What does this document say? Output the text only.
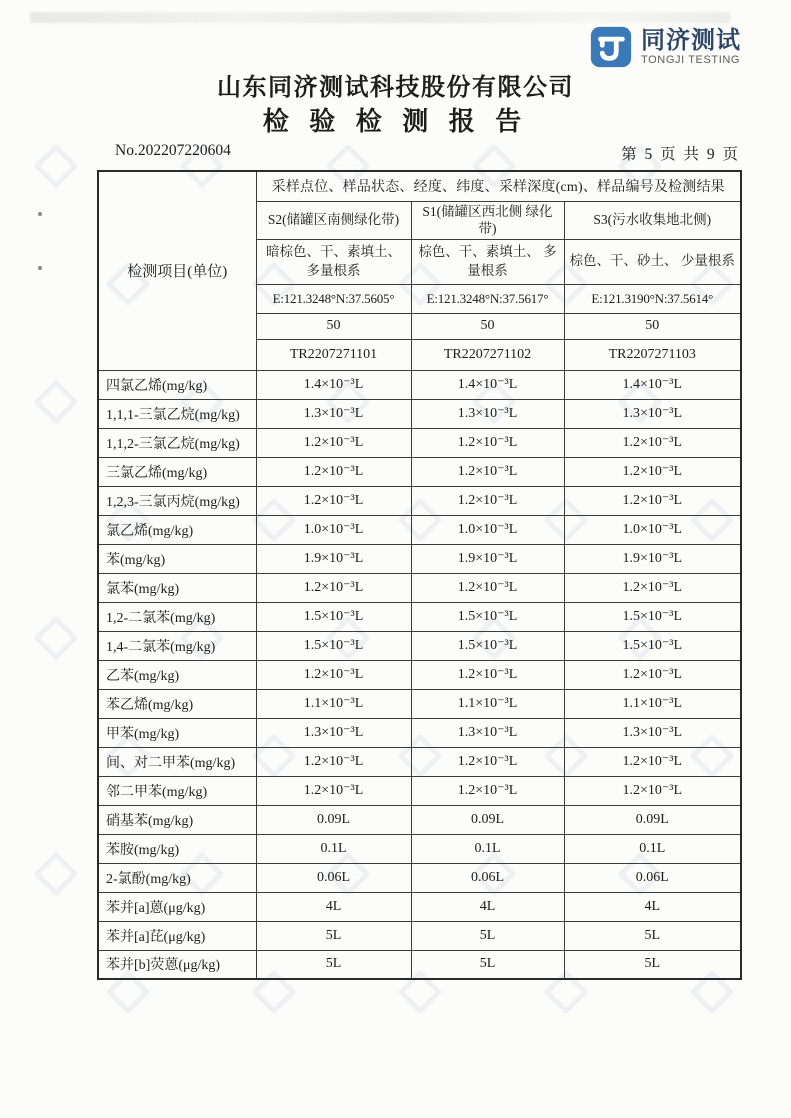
同济测试
TONGJI TESTING
山东同济测试科技股份有限公司
检 验 检 测 报 告
No.202207220604	第 5 页 共 9 页
检测项目(单位)	采样点位、样品状态、经度、纬度、采样深度(cm)、样品编号及检测结果		
	S2(储罐区南侧绿化带)	S1(储罐区西北侧 绿化带)	S3(污水收集地北侧)
	暗棕色、干、素填土、多量根系	棕色、干、素填土、 多量根系	棕色、干、砂土、 少量根系
	E:121.3248°N:37.5605°	E:121.3248°N:37.5617°	E:121.3190°N:37.5614°
	50	50	50
	TR2207271101	TR2207271102	TR2207271103
四氯乙烯(mg/kg)	1.4×10⁻³L	1.4×10⁻³L	1.4×10⁻³L
1,1,1-三氯乙烷(mg/kg)	1.3×10⁻³L	1.3×10⁻³L	1.3×10⁻³L
1,1,2-三氯乙烷(mg/kg)	1.2×10⁻³L	1.2×10⁻³L	1.2×10⁻³L
三氯乙烯(mg/kg)	1.2×10⁻³L	1.2×10⁻³L	1.2×10⁻³L
1,2,3-三氯丙烷(mg/kg)	1.2×10⁻³L	1.2×10⁻³L	1.2×10⁻³L
氯乙烯(mg/kg)	1.0×10⁻³L	1.0×10⁻³L	1.0×10⁻³L
苯(mg/kg)	1.9×10⁻³L	1.9×10⁻³L	1.9×10⁻³L
氯苯(mg/kg)	1.2×10⁻³L	1.2×10⁻³L	1.2×10⁻³L
1,2-二氯苯(mg/kg)	1.5×10⁻³L	1.5×10⁻³L	1.5×10⁻³L
1,4-二氯苯(mg/kg)	1.5×10⁻³L	1.5×10⁻³L	1.5×10⁻³L
乙苯(mg/kg)	1.2×10⁻³L	1.2×10⁻³L	1.2×10⁻³L
苯乙烯(mg/kg)	1.1×10⁻³L	1.1×10⁻³L	1.1×10⁻³L
甲苯(mg/kg)	1.3×10⁻³L	1.3×10⁻³L	1.3×10⁻³L
间、对二甲苯(mg/kg)	1.2×10⁻³L	1.2×10⁻³L	1.2×10⁻³L
邻二甲苯(mg/kg)	1.2×10⁻³L	1.2×10⁻³L	1.2×10⁻³L
硝基苯(mg/kg)	0.09L	0.09L	0.09L
苯胺(mg/kg)	0.1L	0.1L	0.1L
2-氯酚(mg/kg)	0.06L	0.06L	0.06L
苯并[a]蒽(μg/kg)	4L	4L	4L
苯并[a]芘(μg/kg)	5L	5L	5L
苯并[b]荧蒽(μg/kg)	5L	5L	5L
